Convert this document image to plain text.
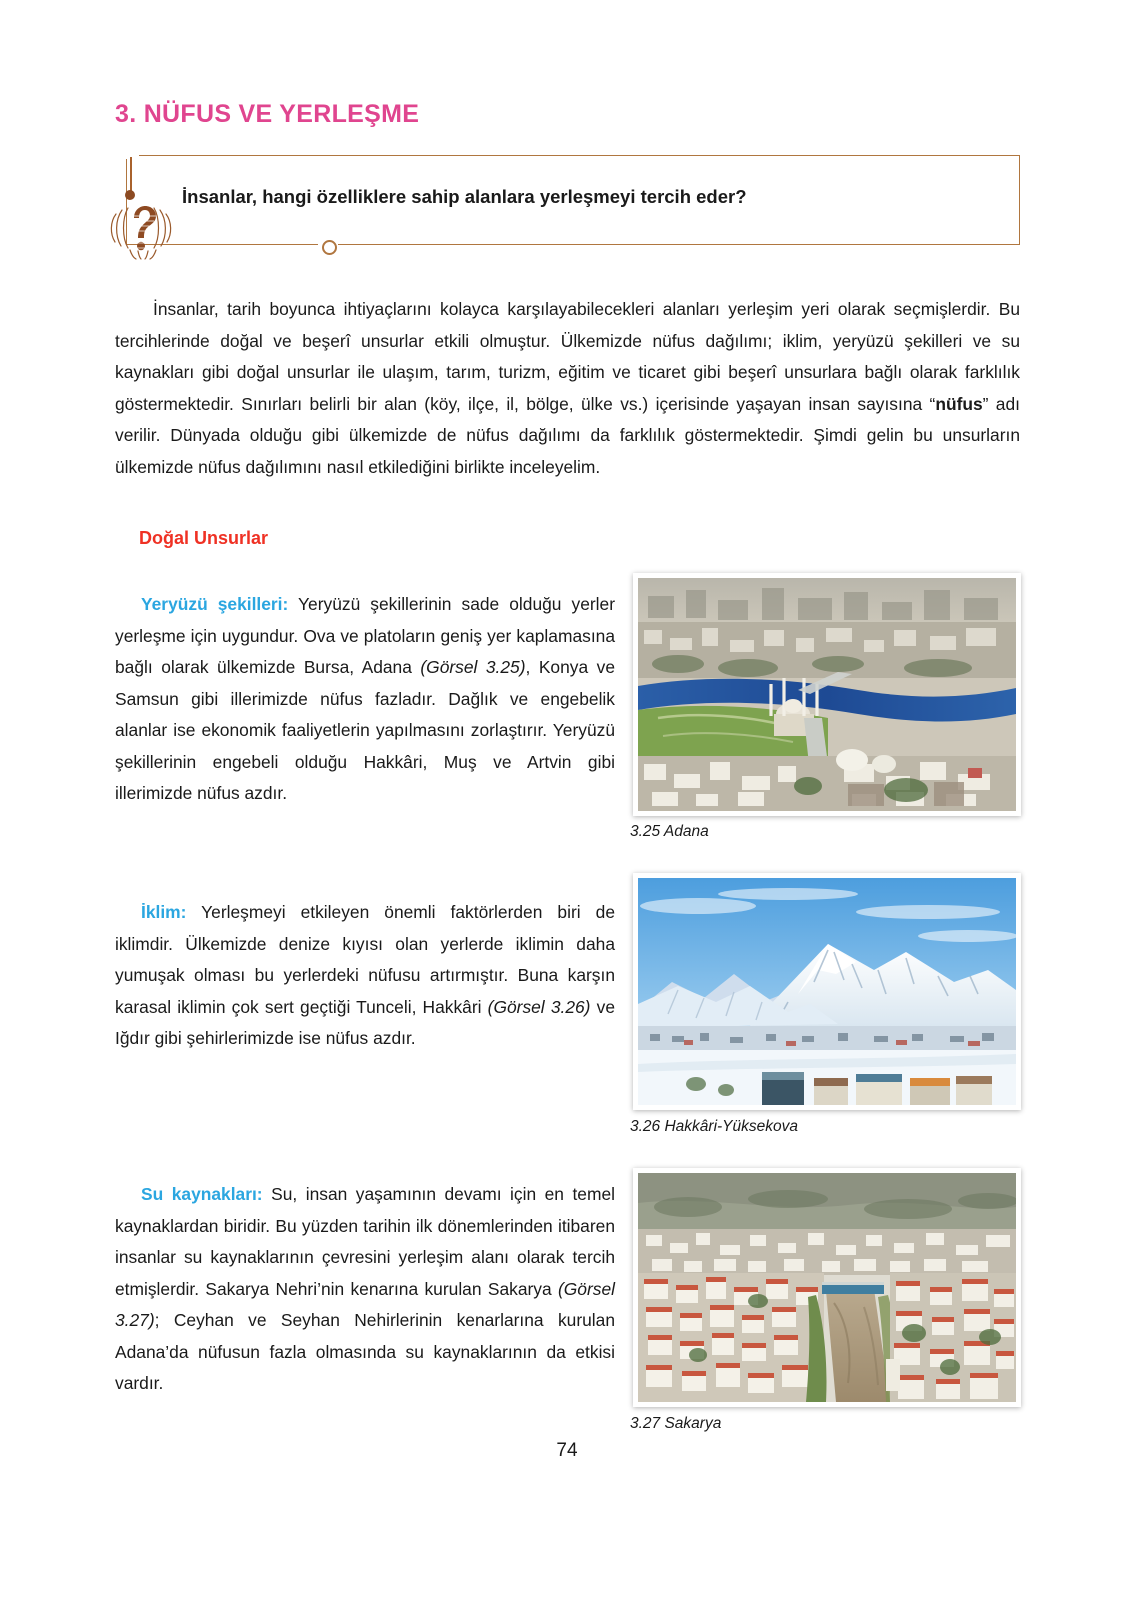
3. NÜFUS VE YERLEŞME
İnsanlar, hangi özelliklere sahip alanlara yerleşmeyi tercih eder?

İnsanlar, tarih boyunca ihtiyaçlarını kolayca karşılayabilecekleri alanları yerleşim yeri olarak seçmişlerdir. Bu tercihlerinde doğal ve beşerî unsurlar etkili olmuştur. Ülkemizde nüfus dağılımı; iklim, yeryüzü şekilleri ve su kaynakları gibi doğal unsurlar ile ulaşım, tarım, turizm, eğitim ve ticaret gibi beşerî unsurlara bağlı olarak farklılık göstermektedir. Sınırları belirli bir alan (köy, ilçe, il, bölge, ülke vs.) içerisinde yaşayan insan sayısına “nüfus” adı verilir. Dünyada olduğu gibi ülkemizde de nüfus dağılımı da farklılık göstermektedir. Şimdi gelin bu unsurların ülkemizde nüfus dağılımını nasıl etkilediğini birlikte inceleyelim.

Doğal Unsurlar

Yeryüzü şekilleri: Yeryüzü şekillerinin sade olduğu yerler yerleşme için uygundur. Ova ve platoların geniş yer kaplamasına bağlı olarak ülkemizde Bursa, Adana (Görsel 3.25), Konya ve Samsun gibi illerimizde nüfus fazladır. Dağlık ve engebelik alanlar ise ekonomik faaliyetlerin yapılmasını zorlaştırır. Yeryüzü şekillerinin engebeli olduğu Hakkâri, Muş ve Artvin gibi illerimizde nüfus azdır.

İklim: Yerleşmeyi etkileyen önemli faktörlerden biri de iklimdir. Ülkemizde denize kıyısı olan yerlerde iklimin daha yumuşak olması bu yerlerdeki nüfusu artırmıştır. Buna karşın karasal iklimin çok sert geçtiği Tunceli, Hakkâri (Görsel 3.26) ve Iğdır gibi şehirlerimizde ise nüfus azdır.

Su kaynakları: Su, insan yaşamının devamı için en temel kaynaklardan biridir. Bu yüzden tarihin ilk dönemlerinden itibaren insanlar su kaynaklarının çevresini yerleşim alanı olarak tercih etmişlerdir. Sakarya Nehri’nin kenarına kurulan Sakarya (Görsel 3.27); Ceyhan ve Seyhan Nehirlerinin kenarlarına kurulan Adana’da nüfusun fazla olmasında su kaynaklarının da etkisi vardır.

3.25 Adana
3.26 Hakkâri-Yüksekova
3.27 Sakarya
74
